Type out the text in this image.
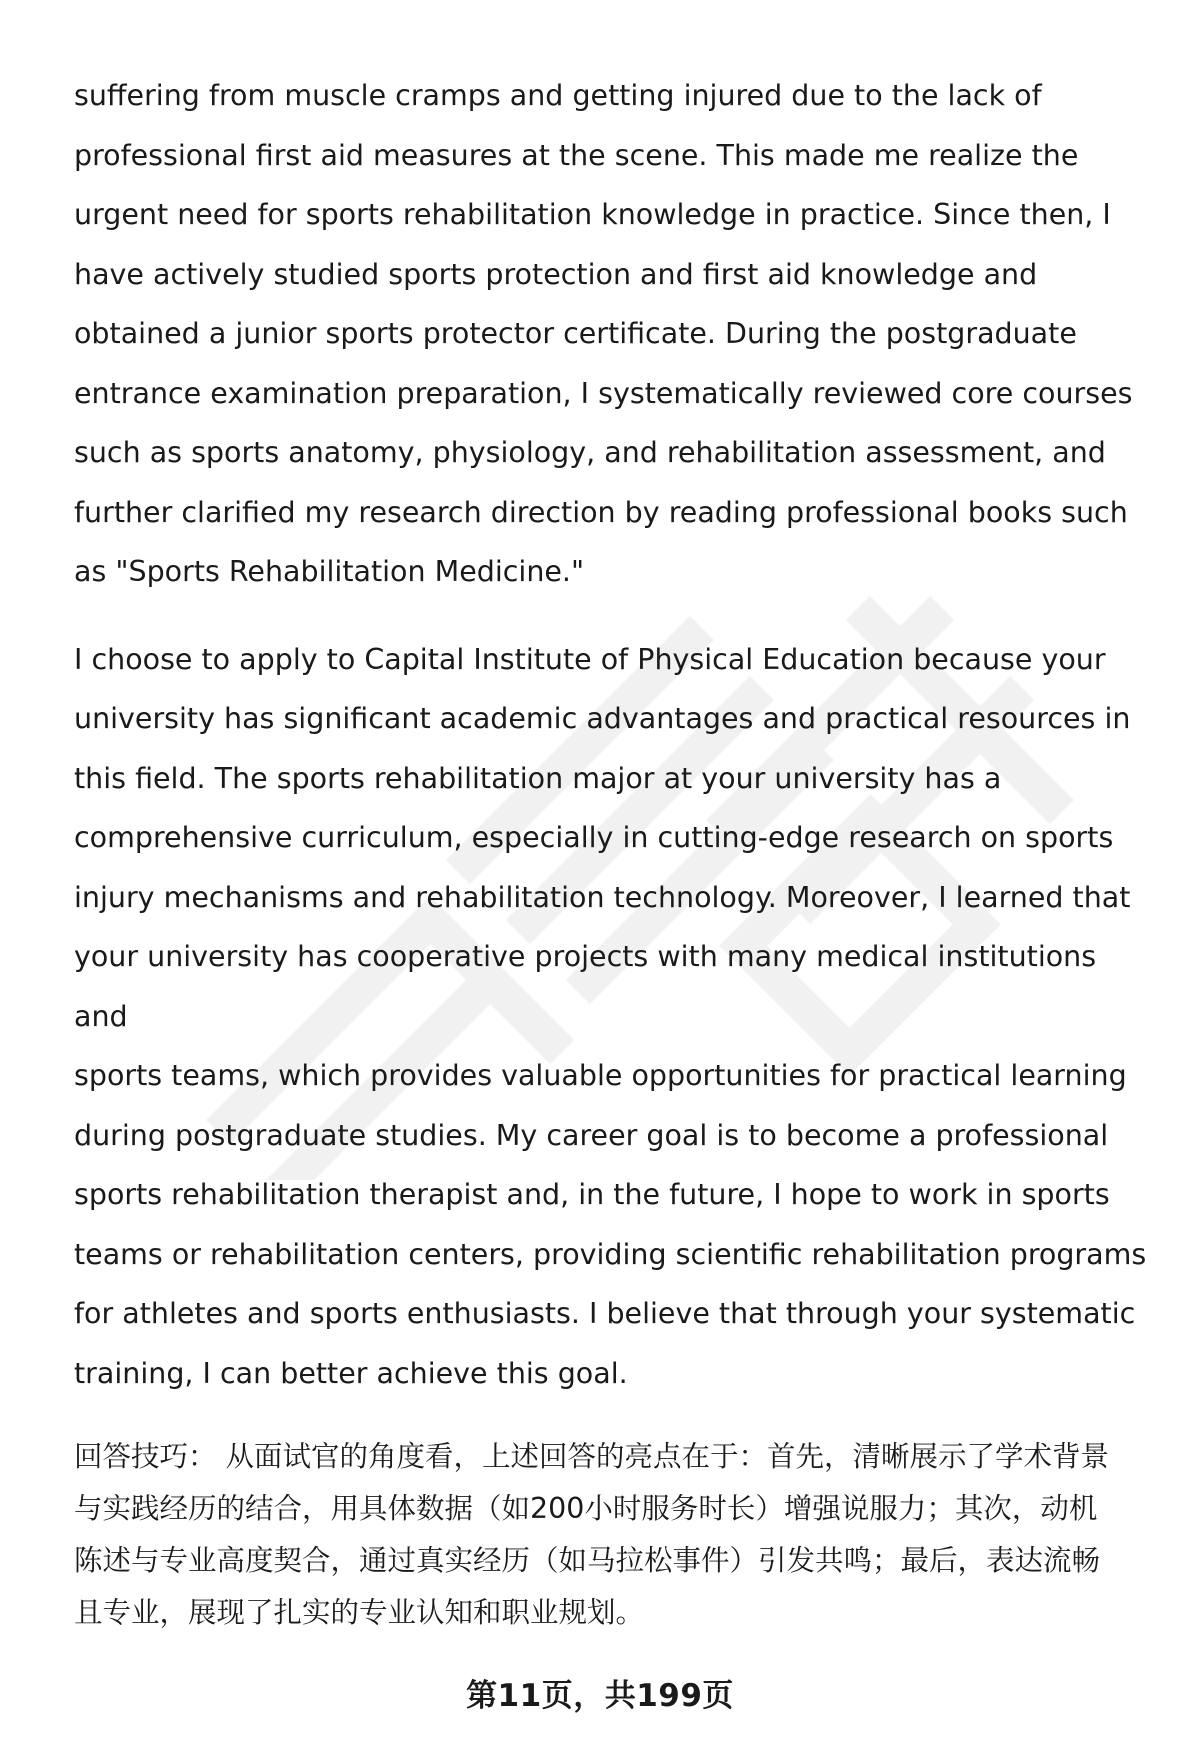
suffering from muscle cramps and getting injured due to the lack of
professional first aid measures at the scene. This made me realize the
urgent need for sports rehabilitation knowledge in practice. Since then, I
have actively studied sports protection and first aid knowledge and
obtained a junior sports protector certificate. During the postgraduate
entrance examination preparation, I systematically reviewed core courses
such as sports anatomy, physiology, and rehabilitation assessment, and
further clarified my research direction by reading professional books such
as "Sports Rehabilitation Medicine."

I choose to apply to Capital Institute of Physical Education because your
university has significant academic advantages and practical resources in
this field. The sports rehabilitation major at your university has a
comprehensive curriculum, especially in cutting-edge research on sports
injury mechanisms and rehabilitation technology. Moreover, I learned that
your university has cooperative projects with many medical institutions and
sports teams, which provides valuable opportunities for practical learning
during postgraduate studies. My career goal is to become a professional
sports rehabilitation therapist and, in the future, I hope to work in sports
teams or rehabilitation centers, providing scientific rehabilitation programs
for athletes and sports enthusiasts. I believe that through your systematic
training, I can better achieve this goal.

回答技巧： 从面试官的角度看，上述回答的亮点在于：首先，清晰展示了学术背景
与实践经历的结合，用具体数据（如200小时服务时长）增强说服力；其次，动机
陈述与专业高度契合，通过真实经历（如马拉松事件）引发共鸣；最后，表达流畅
且专业，展现了扎实的专业认知和职业规划。

第11页，共199页
